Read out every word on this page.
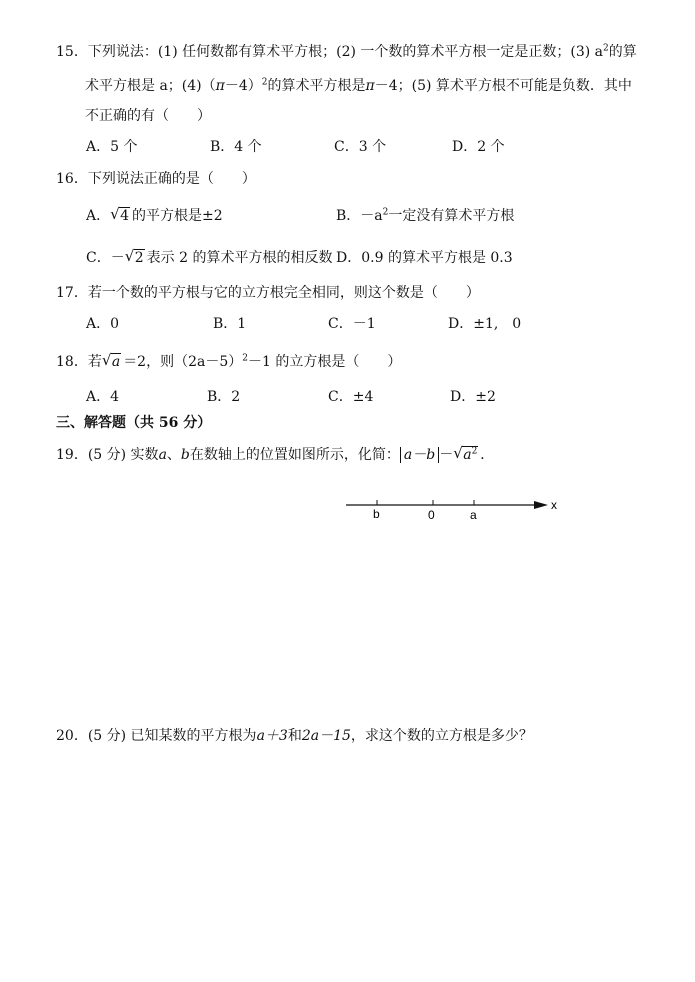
15．下列说法：(1) 任何数都有算术平方根；(2) 一个数的算术平方根一定是正数；(3) $a^2$的算
术平方根是 a；$(4)(\pi-4)^2$的算术平方根是π－4；(5) 算术平方根不可能是负数．其中
不正确的有（　　）
A．5 个	B．4 个	C．3 个	D．2 个
16．下列说法正确的是（　　）
A． √ 4 的平方根是±2	B．$-a^2$一定没有算术平方根
C．－ √ 2 表示 2 的算术平方根的相反数 D．0.9 的算术平方根是 0.3
17．若一个数的平方根与它的立方根完全相同，则这个数是（　　）
A．0	B．1	C．－1	D．±1,　0
18．若 √ a ＝2，则$(2a-5)^2-1$ 的立方根是（　　）
A．4	B．2	C．±4	D．±2
三、解答题（共 56 分）
19．(5 分) 实数a、b在数轴上的位置如图所示，化简： a－b － √ $a^2$ ．
b	0	a
x
20．(5 分) 已知某数的平方根为a＋3和2a－15，求这个数的立方根是多少？
